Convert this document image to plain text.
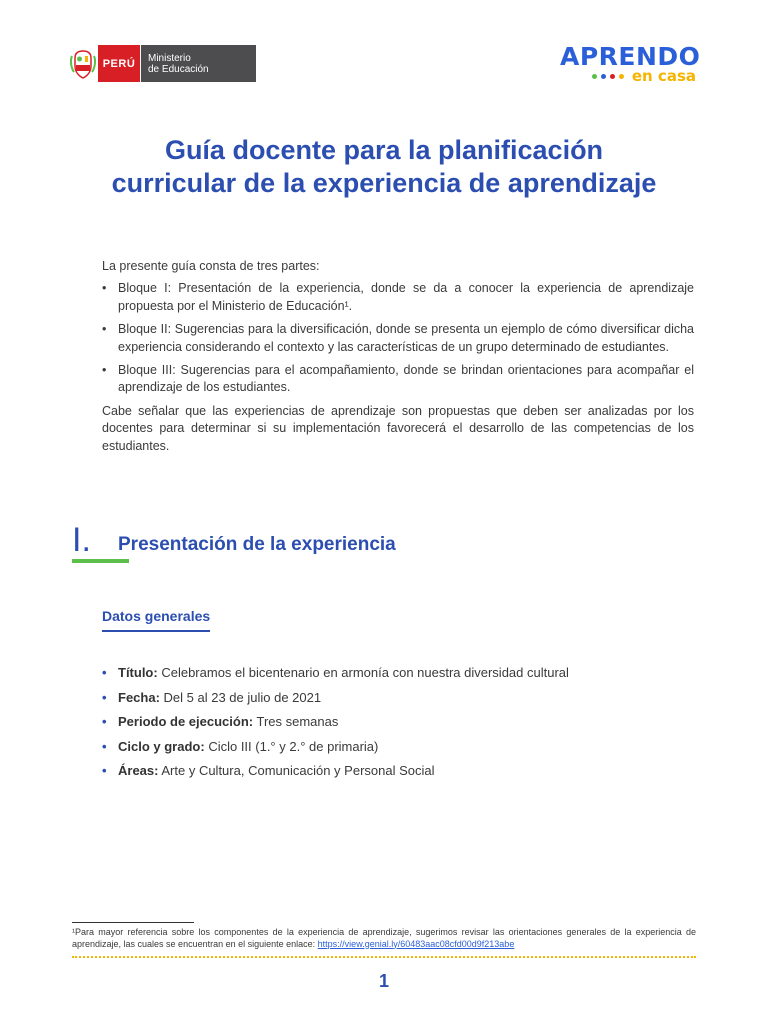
PERÚ	Ministerio
de Educación	APRENDO
en casa
Guía docente para la planificación
curricular de la experiencia de aprendizaje

La presente guía consta de tres partes:

• Bloque I: Presentación de la experiencia, donde se da a conocer la experiencia de aprendizaje propuesta por el Ministerio de Educación¹.
• Bloque II: Sugerencias para la diversificación, donde se presenta un ejemplo de cómo diversificar dicha experiencia considerando el contexto y las características de un grupo determinado de estudiantes.
• Bloque III: Sugerencias para el acompañamiento, donde se brindan orientaciones para acompañar el aprendizaje de los estudiantes.

Cabe señalar que las experiencias de aprendizaje son propuestas que deben ser analizadas por los docentes para determinar si su implementación favorecerá el desarrollo de las competencias de los estudiantes.

I. Presentación de la experiencia
Datos generales
• Título: Celebramos el bicentenario en armonía con nuestra diversidad cultural
• Fecha: Del 5 al 23 de julio de 2021
• Periodo de ejecución: Tres semanas
• Ciclo y grado: Ciclo III (1.° y 2.° de primaria)
• Áreas: Arte y Cultura, Comunicación y Personal Social
¹Para mayor referencia sobre los componentes de la experiencia de aprendizaje, sugerimos revisar las orientaciones generales de la experiencia de aprendizaje, las cuales se encuentran en el siguiente enlace: https://view.genial.ly/60483aac08cfd00d9f213abe
1
